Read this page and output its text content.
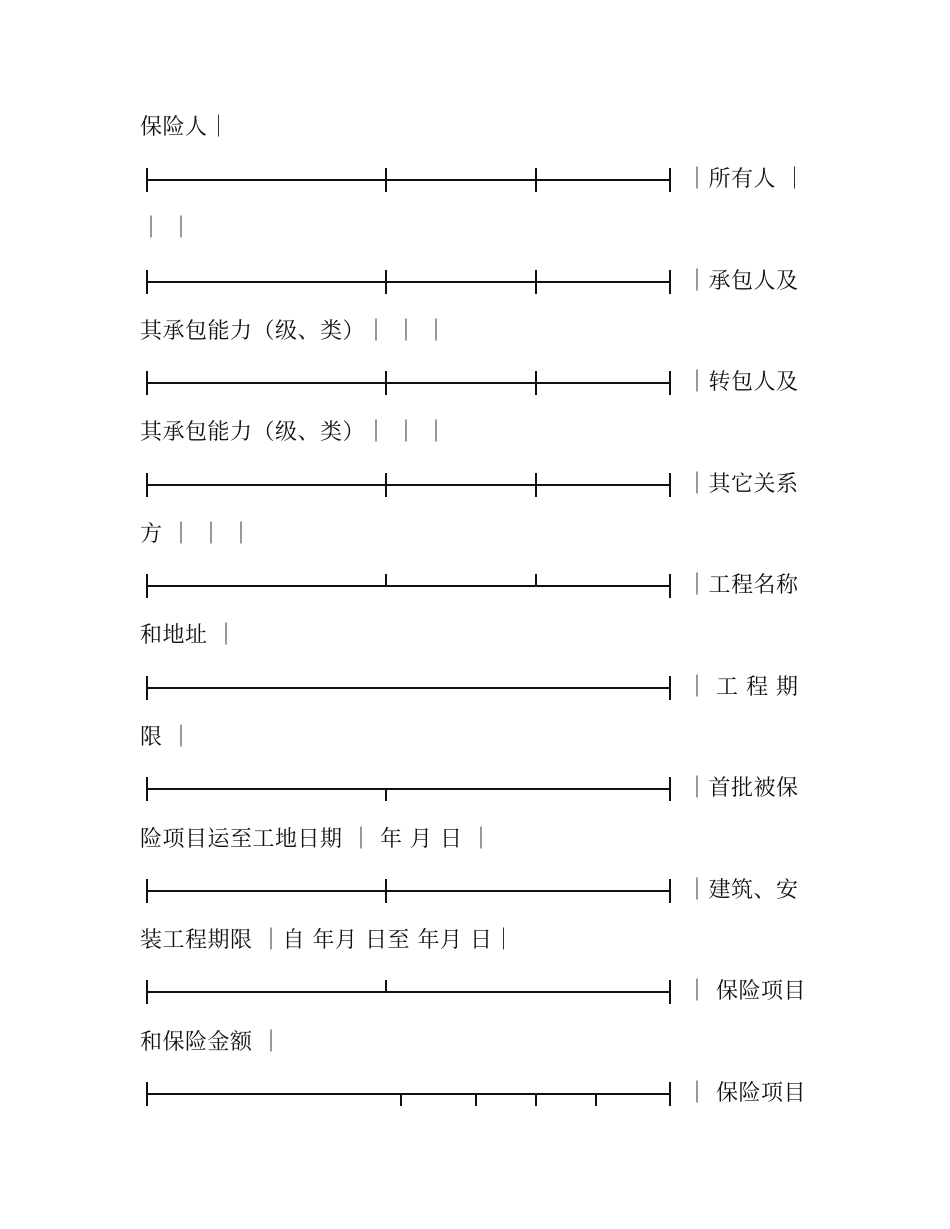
保险人｜
｜ ｜
其承包能力（级、类）｜ ｜ ｜
其承包能力（级、类）｜ ｜ ｜
方 ｜ ｜ ｜
和地址 ｜
限 ｜
险项目运至工地日期 ｜ 年 月 日 ｜
装工程期限 ｜自 年月 日至 年月 日｜
和保险金额 ｜
｜所有人 ｜
｜承包人及
｜转包人及
｜其它关系
｜工程名称
｜ 工 程 期
｜首批被保
｜建筑、安
｜ 保险项目
｜ 保险项目
